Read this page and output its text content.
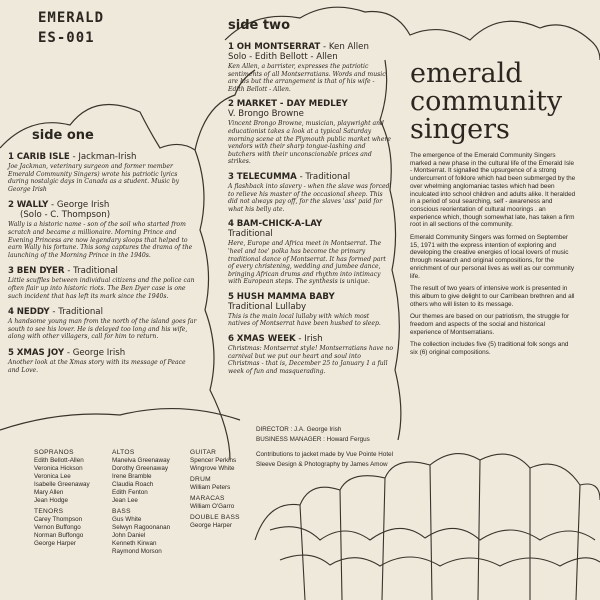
EMERALD
ES-001
side one
1 CARIB ISLE - Jackman-Irish
Joe Jackman, veterinary surgeon and former member Emerald Community Singers) wrote his patriotic lyrics during nostalgic days in Canada as a student. Music by George Irish
2 WALLY - George Irish
(Solo - C. Thompson)
Wally is a historic name - son of the soil who started from scratch and became a millionaire. Morning Prince and Evening Princess are now legendary sloops that helped to earn Wally his fortune. This song captures the drama of the launching of the Morning Prince in the 1940s.
3 BEN DYER - Traditional
Little scuffles between individual citizens and the police can often flair up into historic riots. The Ben Dyer case is one such incident that has left its mark since the 1940s.
4 NEDDY - Traditional
A handsome young man from the north of the island goes far south to see his lover. He is delayed too long and his wife, along with other villagers, call for him to return.
5 XMAS JOY - George Irish
Another look at the Xmas story with its message of Peace and Love.
side two
1 OH MONTSERRAT - Ken Allen
Solo - Edith Bellott - Allen
Ken Allen, a barrister, expresses the patriotic sentiments of all Montserratians. Words and music are his but the arrangement is that of his wife - Edith Bellott - Allen.
2 MARKET - DAY MEDLEY
V. Brongo Browne
Vincent Brongo Browne, musician, playwright and educationist takes a look at a typical Saturday morning scene at the Plymouth public market where vendors with their sharp tongue-lashing and butchers with their unconscionable prices and strikes.
3 TELECUMMA - Traditional
A flashback into slavery - when the slave was forced to relieve his master of the occasional sheep. This did not always pay off, for the slaves 'ass' paid for what his belly ate.
4 BAM-CHICK-A-LAY
Traditional
Here, Europe and Africa meet in Montserrat. The 'heel and toe' polka has become the primary traditional dance of Montserrat. It has formed part of every christening, wedding and jumbee dance, bringing African drums and rhythm into intimacy with European steps. The synthesis is unique.
5 HUSH MAMMA BABY
Traditional Lullaby
This is the main local lullaby with which most natives of Montserrat have been hushed to sleep.
6 XMAS WEEK - Irish
Christmas: Montserrat style! Montserratians have no carnival but we put our heart and soul into Christmas - that is, December 25 to January 1 a full week of fun and masquerading.
emerald
community
singers

The emergence of the Emerald Community Singers marked a new phase in the cultural life of the Emerald Isle - Montserrat. It signalled the upsurgence of a strong undercurrent of folklore which had been submerged by the over whelming anglomaniac tastes which had been inculcated into school children and adults alike. It heralded in a period of soul searching, self - awareness and conscious reorientation of cultural moorings . an experience which, though somewhat late, has taken a firm root in all sections of the community.

Emerald Community Singers was formed on September 15, 1971 with the express intention of exploring and developing the creative energies of local lovers of music through research and original compositions, for the enrichment of our personal lives as well as our community life.

The result of two years of intensive work is presented in this album to give delight to our Carribean brethren and all others who will listen to its message.

Our themes are based on our patriotism, the struggle for freedom and aspects of the social and historical experience of Montserratians.

The collection includes five (5) traditional folk songs and six (6) original compositions.

SOPRANOS
Edith Bellott-Allen
Veronica Hickson
Veronica Lee
Isabelle Greenaway
Mary Allen
Jean Hodge
TENORS
Carey Thompson
Vernon Buffongo
Norman Buffongo
George Harper
ALTOS
Manelva Greenaway
Dorothy Greenaway
Irene Bramble
Claudia Roach
Edith Fenton
Jean Lee
BASS
Gus White
Selwyn Ragoonanan
John Daniel
Kenneth Kirwan
Raymond Morson
GUITAR
Spencer Perkins
Wingrove White
DRUM
William Peters
MARACAS
William O'Garro
DOUBLE BASS
George Harper
DIRECTOR : J.A. George Irish
BUSINESS MANAGER : Howard Fergus
Contributions to jacket made by Vue Pointe Hotel
Sleeve Design & Photography by James Amow
